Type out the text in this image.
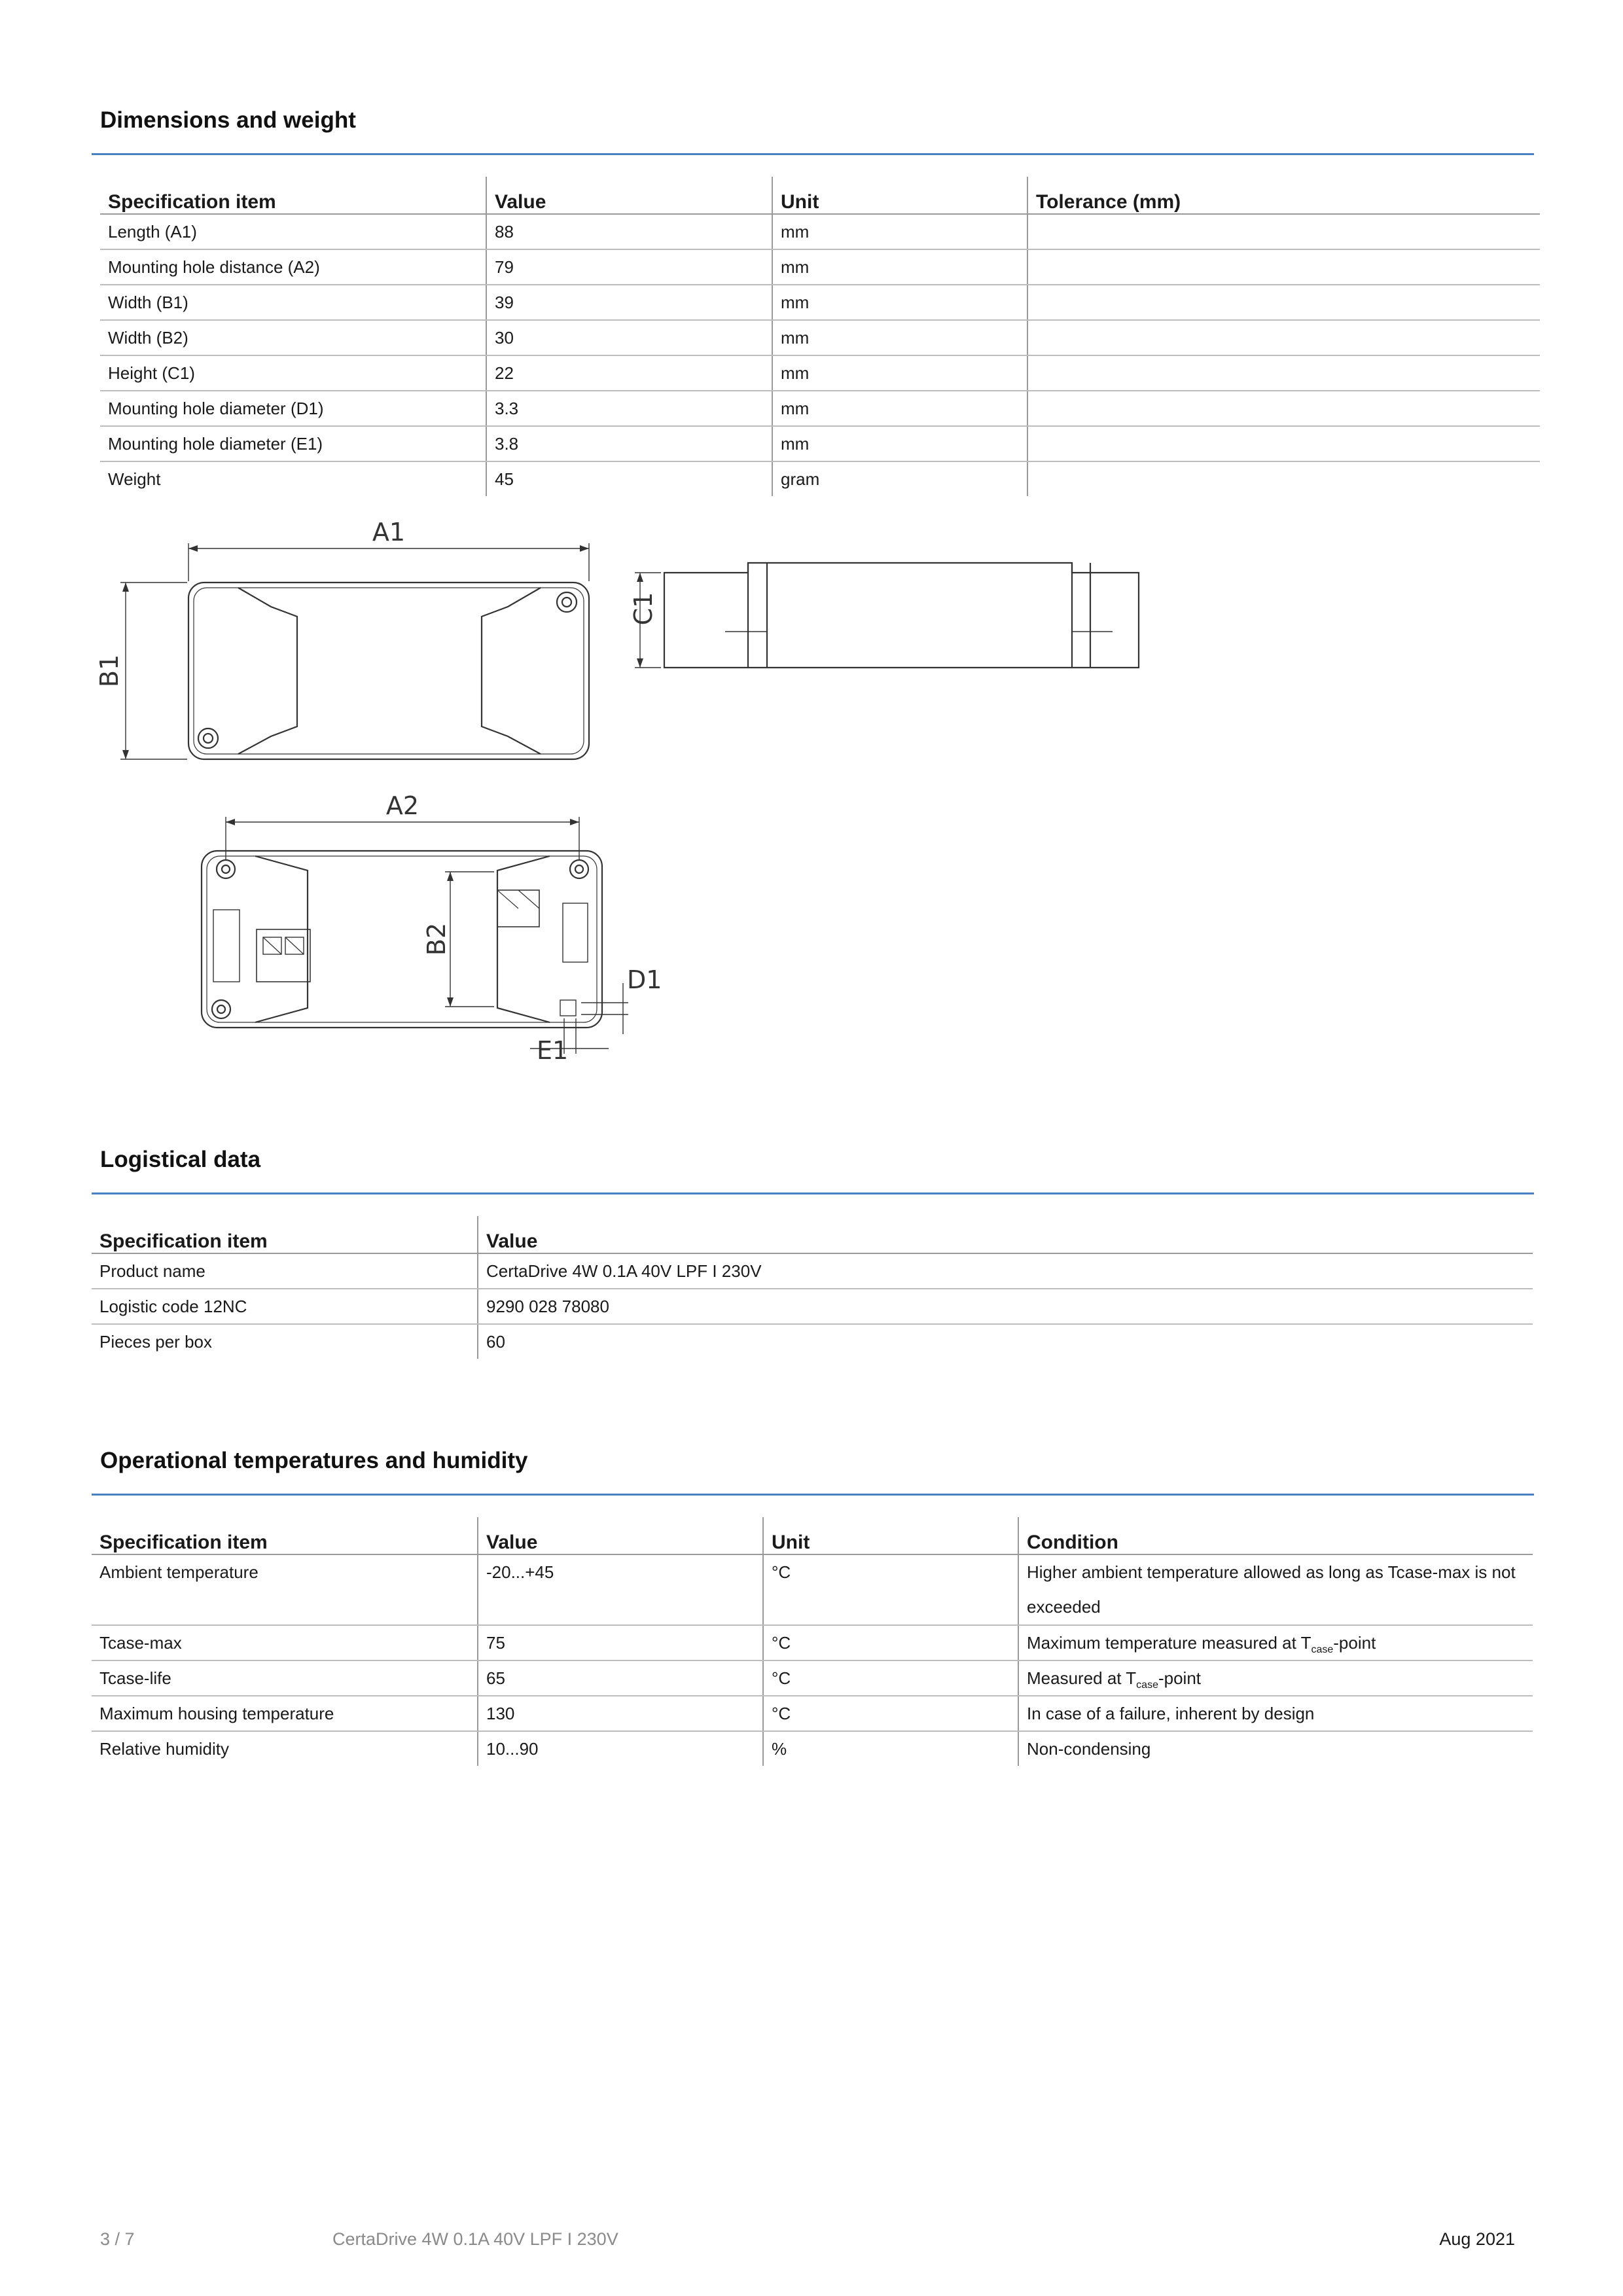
Dimensions and weight
Specification item	Value	Unit	Tolerance (mm)
Length (A1)	88	mm	
Mounting hole distance (A2)	79	mm	
Width (B1)	39	mm	
Width (B2)	30	mm	
Height (C1)	22	mm	
Mounting hole diameter (D1)	3.3	mm	
Mounting hole diameter (E1)	3.8	mm	
Weight	45	gram	
A1
B1
A2
B2
D1
E1
C1
Logistical data
Specification item	Value
Product name	CertaDrive 4W 0.1A 40V LPF I 230V
Logistic code 12NC	9290 028 78080
Pieces per box	60
Operational temperatures and humidity
Specification item	Value	Unit	Condition
Ambient temperature	-20...+45	°C	Higher ambient temperature allowed as long as Tcase-max is not exceeded
Tcase-max	75	°C	Maximum temperature measured at $T_{case}$-point
Tcase-life	65	°C	Measured at $T_{case}$-point
Maximum housing temperature	130	°C	In case of a failure, inherent by design
Relative humidity	10...90	%	Non-condensing
3 / 7	CertaDrive 4W 0.1A 40V LPF I 230V	Aug 2021
